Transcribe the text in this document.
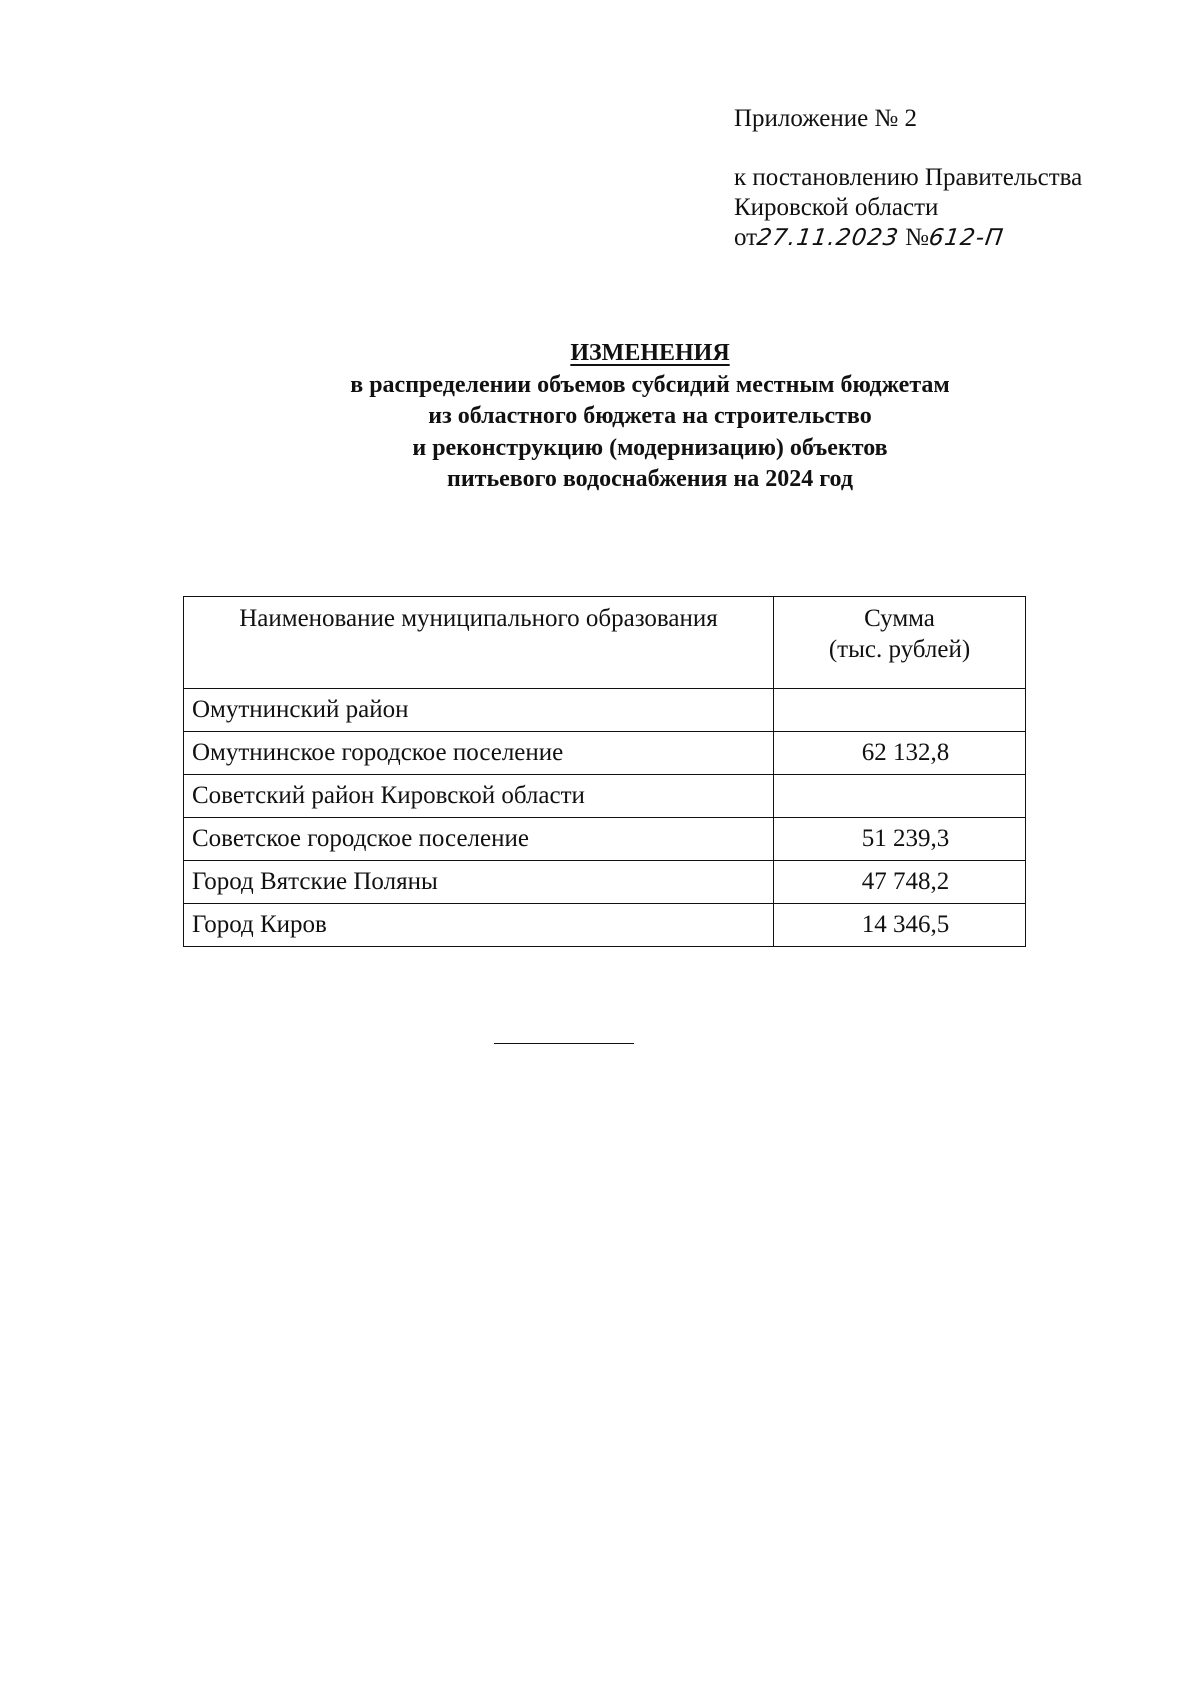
Приложение № 2
к постановлению Правительства
Кировской области
от27.11.2023 №612-П
ИЗМЕНЕНИЯ
в распределении объемов субсидий местным бюджетам
из областного бюджета на строительство
и реконструкцию (модернизацию) объектов
питьевого водоснабжения на 2024 год
Наименование муниципального образования	Сумма
(тыс. рублей)

Омутнинский район	
Омутнинское городское поселение	62 132,8
Советский район Кировской области	
Советское городское поселение	51 239,3
Город Вятские Поляны	47 748,2
Город Киров	14 346,5
